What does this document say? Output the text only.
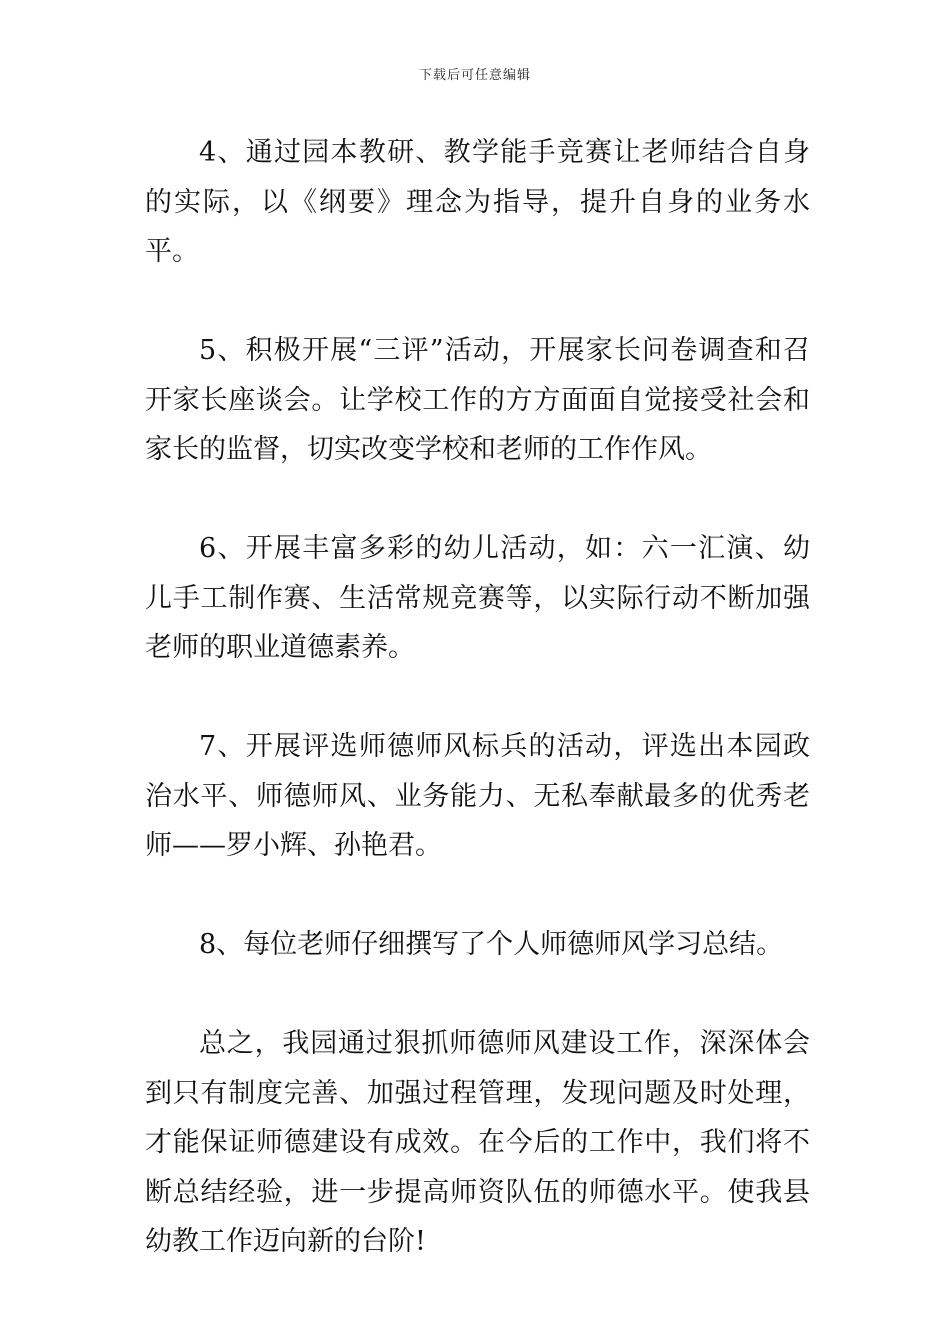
下载后可任意编辑

4、通过园本教研、教学能手竞赛让老师结合自身的实际，以《纲要》理念为指导，提升自身的业务水平。

5、积极开展“三评”活动，开展家长问卷调查和召开家长座谈会。让学校工作的方方面面自觉接受社会和家长的监督，切实改变学校和老师的工作作风。

6、开展丰富多彩的幼儿活动，如：六一汇演、幼儿手工制作赛、生活常规竞赛等，以实际行动不断加强老师的职业道德素养。

7、开展评选师德师风标兵的活动，评选出本园政治水平、师德师风、业务能力、无私奉献最多的优秀老师——罗小辉、孙艳君。

8、每位老师仔细撰写了个人师德师风学习总结。

总之，我园通过狠抓师德师风建设工作，深深体会到只有制度完善、加强过程管理，发现问题及时处理，才能保证师德建设有成效。在今后的工作中，我们将不断总结经验，进一步提高师资队伍的师德水平。使我县幼教工作迈向新的台阶!
